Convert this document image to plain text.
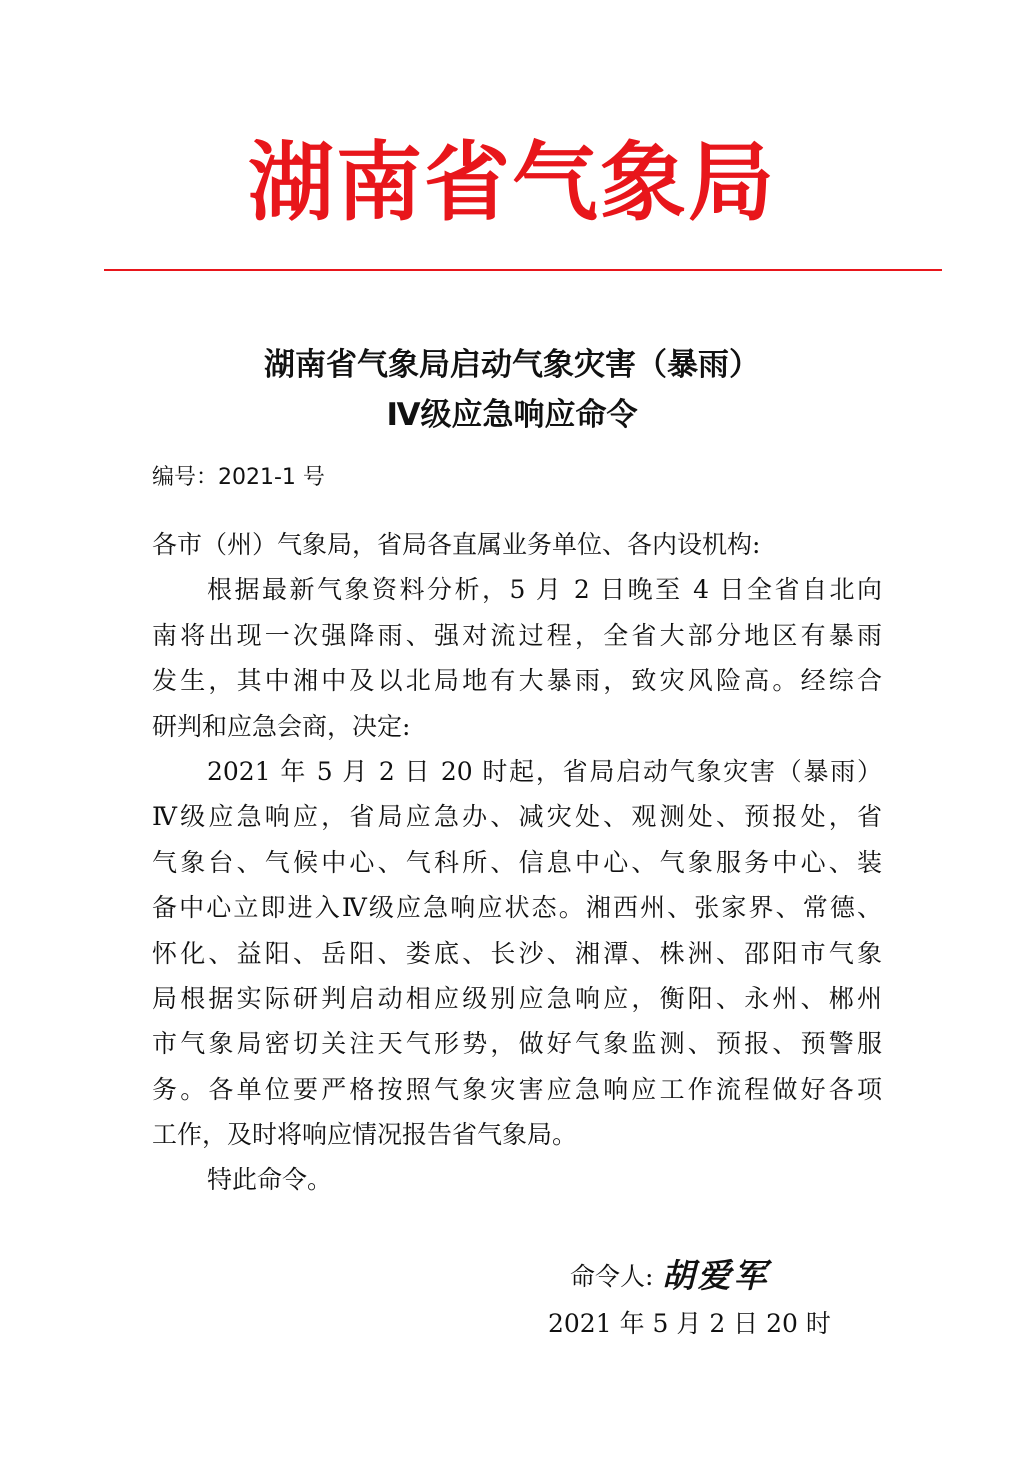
湖南省气象局
湖南省气象局启动气象灾害（暴雨）
Ⅳ级应急响应命令
编号：2021-1 号
各市（州）气象局，省局各直属业务单位、各内设机构:
根据最新气象资料分析，5 月 2 日晚至 4 日全省自北向
南将出现一次强降雨、强对流过程，全省大部分地区有暴雨
发生，其中湘中及以北局地有大暴雨，致灾风险高。经综合
研判和应急会商，决定:
2021 年 5 月 2 日 20 时起，省局启动气象灾害（暴雨）
Ⅳ级应急响应，省局应急办、减灾处、观测处、预报处，省
气象台、气候中心、气科所、信息中心、气象服务中心、装
备中心立即进入Ⅳ级应急响应状态。湘西州、张家界、常德、
怀化、益阳、岳阳、娄底、长沙、湘潭、株洲、邵阳市气象
局根据实际研判启动相应级别应急响应，衡阳、永州、郴州
市气象局密切关注天气形势，做好气象监测、预报、预警服
务。各单位要严格按照气象灾害应急响应工作流程做好各项
工作，及时将响应情况报告省气象局。
特此命令。
命令人: 胡爱军
2021 年 5 月 2 日 20 时
